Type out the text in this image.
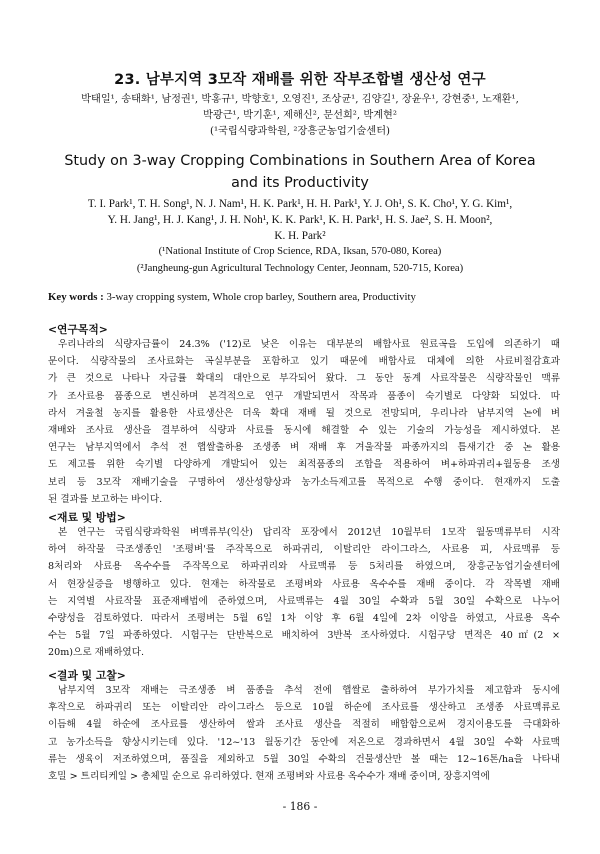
23. 남부지역 3모작 재배를 위한 작부조합별 생산성 연구
박태일¹, 송태화¹, 남정권¹, 박홍규¹, 박향호¹, 오영진¹, 조상균¹, 김양길¹, 장윤우¹, 강현중¹, 노재환¹,
박광근¹, 박기훈¹, 제해신², 문선희², 박계현²
(¹국립식량과학원, ²장흥군농업기술센터)
Study on 3-way Cropping Combinations in Southern Area of Korea
and its Productivity
T. I. Park¹, T. H. Song¹, N. J. Nam¹, H. K. Park¹, H. H. Park¹, Y. J. Oh¹, S. K. Cho¹, Y. G. Kim¹,
Y. H. Jang¹, H. J. Kang¹, J. H. Noh¹, K. K. Park¹, K. H. Park¹, H. S. Jae², S. H. Moon²,
K. H. Park²
(¹National Institute of Crop Science, RDA, Iksan, 570-080, Korea)
(²Jangheung-gun Agricultural Technology Center, Jeonnam, 520-715, Korea)
Key words : 3-way cropping system, Whole crop barley, Southern area, Productivity
<연구목적>
우리나라의 식량자급률이 24.3% ('12)로 낮은 이유는 대부분의 배합사료 원료곡을 도입에 의존하기 때
문이다. 식량작물의 조사료화는 곡실부분을 포함하고 있기 때문에 배합사료 대체에 의한 사료비절감효과
가 큰 것으로 나타나 자급률 확대의 대안으로 부각되어 왔다. 그 동안 동계 사료작물은 식량작물인 맥류
가 조사료용 품종으로 변신하며 본격적으로 연구 개발되면서 작목과 품종이 숙기별로 다양화 되었다. 따
라서 겨울철 농지를 활용한 사료생산은 더욱 확대 재배 될 것으로 전망되며, 우리나라 남부지역 논에 벼
재배와 조사료 생산을 결부하여 식량과 사료를 동시에 해결할 수 있는 기술의 가능성을 제시하였다. 본
연구는 남부지역에서 추석 전 햅쌀출하용 조생종 벼 재배 후 겨울작물 파종까지의 틈새기간 중 논 활용
도 제고를 위한 숙기별 다양하게 개발되어 있는 최적품종의 조합을 적용하여 벼+하파귀리+월동용 조생
보리 등 3모작 재배기술을 구명하여 생산성향상과 농가소득제고를 목적으로 수행 중이다. 현재까지 도출
된 결과를 보고하는 바이다.
<재료 및 방법>
본 연구는 국립식량과학원 벼맥류부(익산) 답리작 포장에서 2012년 10월부터 1모작 월동맥류부터 시작
하여 하작물 극조생종인 '조평벼'를 주작목으로 하파귀리, 이탈리안 라이그라스, 사료용 피, 사료맥류 등
8처리와 사료용 옥수수를 주작목으로 하파귀리와 사료맥류 등 5처리를 하였으며, 장흥군농업기술센터에
서 현장실증을 병행하고 있다. 현재는 하작물로 조평벼와 사료용 옥수수를 재배 중이다. 각 작목별 재배
는 지역별 사료작물 표준재배법에 준하였으며, 사료맥류는 4월 30일 수확과 5월 30일 수확으로 나누어
수량성을 검토하였다. 따라서 조평벼는 5월 6일 1차 이앙 후 6월 4일에 2차 이앙을 하였고, 사료용 옥수
수는 5월 7일 파종하였다. 시험구는 단반복으로 배치하여 3반복 조사하였다. 시험구당 면적은 40㎡(2 ×
20m)으로 재배하였다.
<결과 및 고찰>
남부지역 3모작 재배는 극조생종 벼 품종을 추석 전에 햅쌀로 출하하여 부가가치를 제고함과 동시에
후작으로 하파귀리 또는 이탈리안 라이그라스 등으로 10월 하순에 조사료를 생산하고 조생종 사료맥류로
이듬해 4월 하순에 조사료를 생산하여 쌀과 조사료 생산을 적절히 배합함으로써 경지이용도를 극대화하
고 농가소득을 향상시키는데 있다. '12~'13 월동기간 동안에 저온으로 경과하면서 4월 30일 수확 사료맥
류는 생육이 저조하였으며, 품질을 제외하고 5월 30일 수확의 건물생산만 볼 때는 12~16톤/ha을 나타내
호밀 > 트리티케일 > 총체밀 순으로 유리하였다. 현재 조평벼와 사료용 옥수수가 재배 중이며, 장흥지역에
- 186 -
